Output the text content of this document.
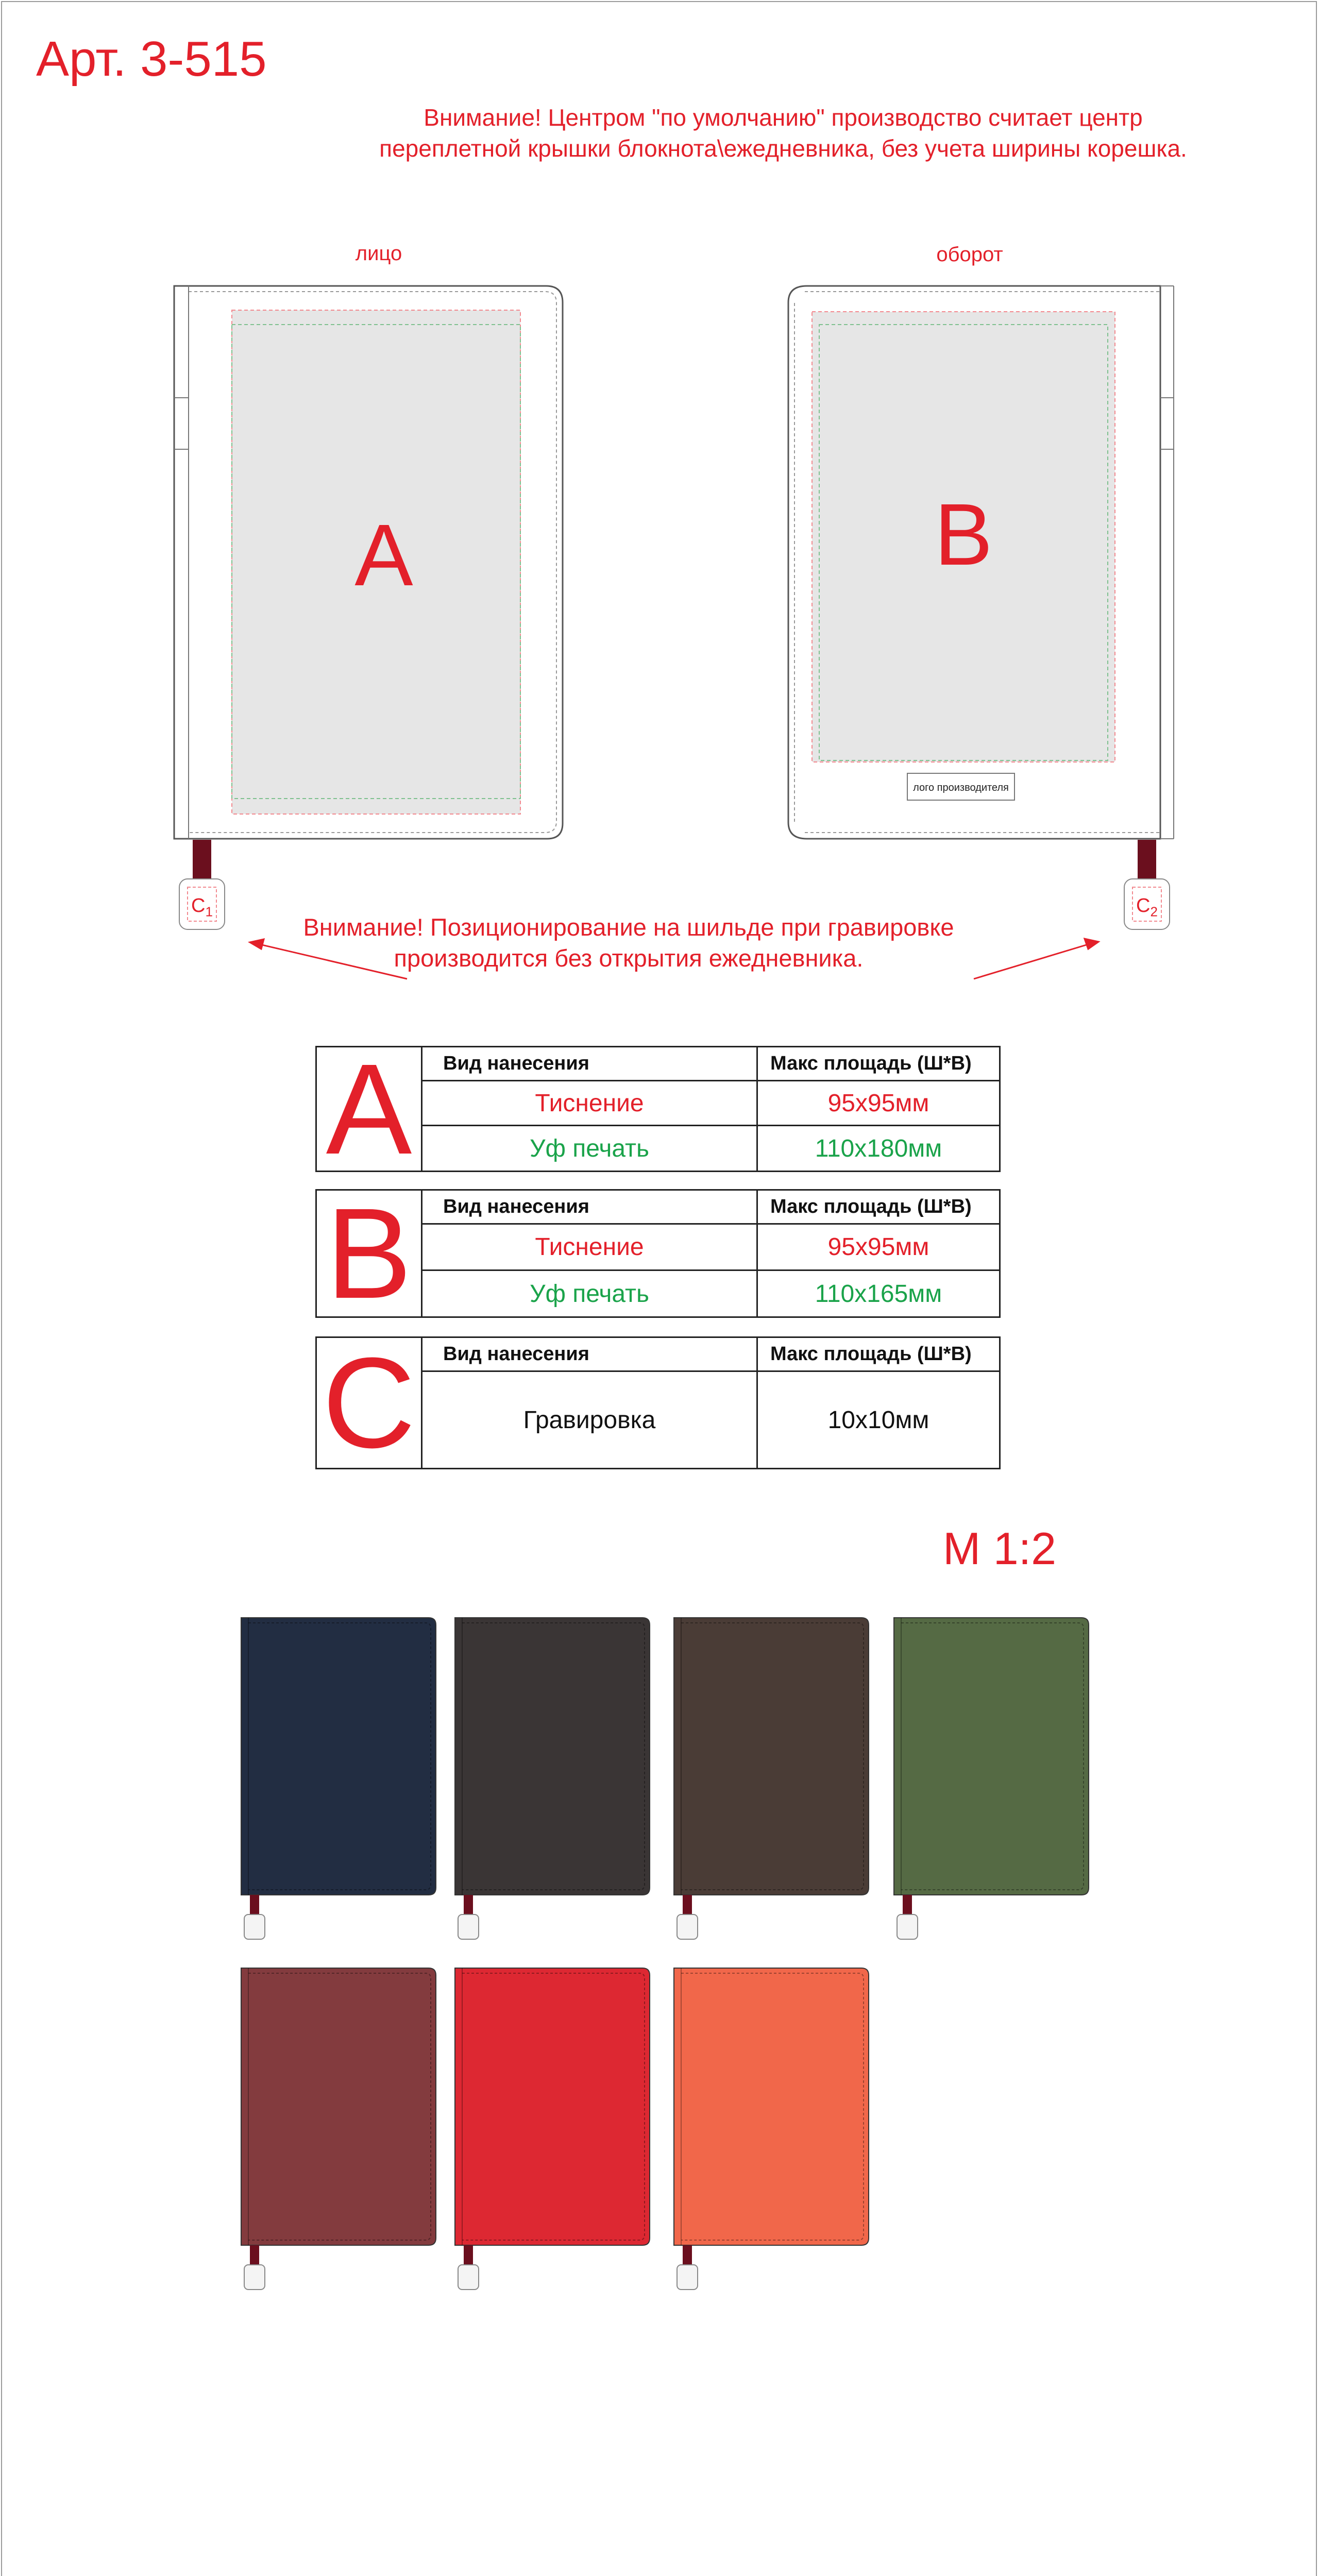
Арт. 3-515
Внимание! Центром "по умолчанию" производство считает центр
переплетной крышки блокнота\ежедневника, без учета ширины корешка.
лицо	оборот
A	B
лого производителя
$C_1$	$C_2$
Внимание! Позиционирование на шильде при гравировке
производится без открытия ежедневника.
A	Вид нанесения	Макс площадь (Ш*В)
Тиснение	95х95мм
Уф печать	110х180мм
B	Вид нанесения	Макс площадь (Ш*В)
Тиснение	95х95мм
Уф печать	110х165мм
C	Вид нанесения	Макс площадь (Ш*В)
Гравировка	10х10мм
М 1:2
